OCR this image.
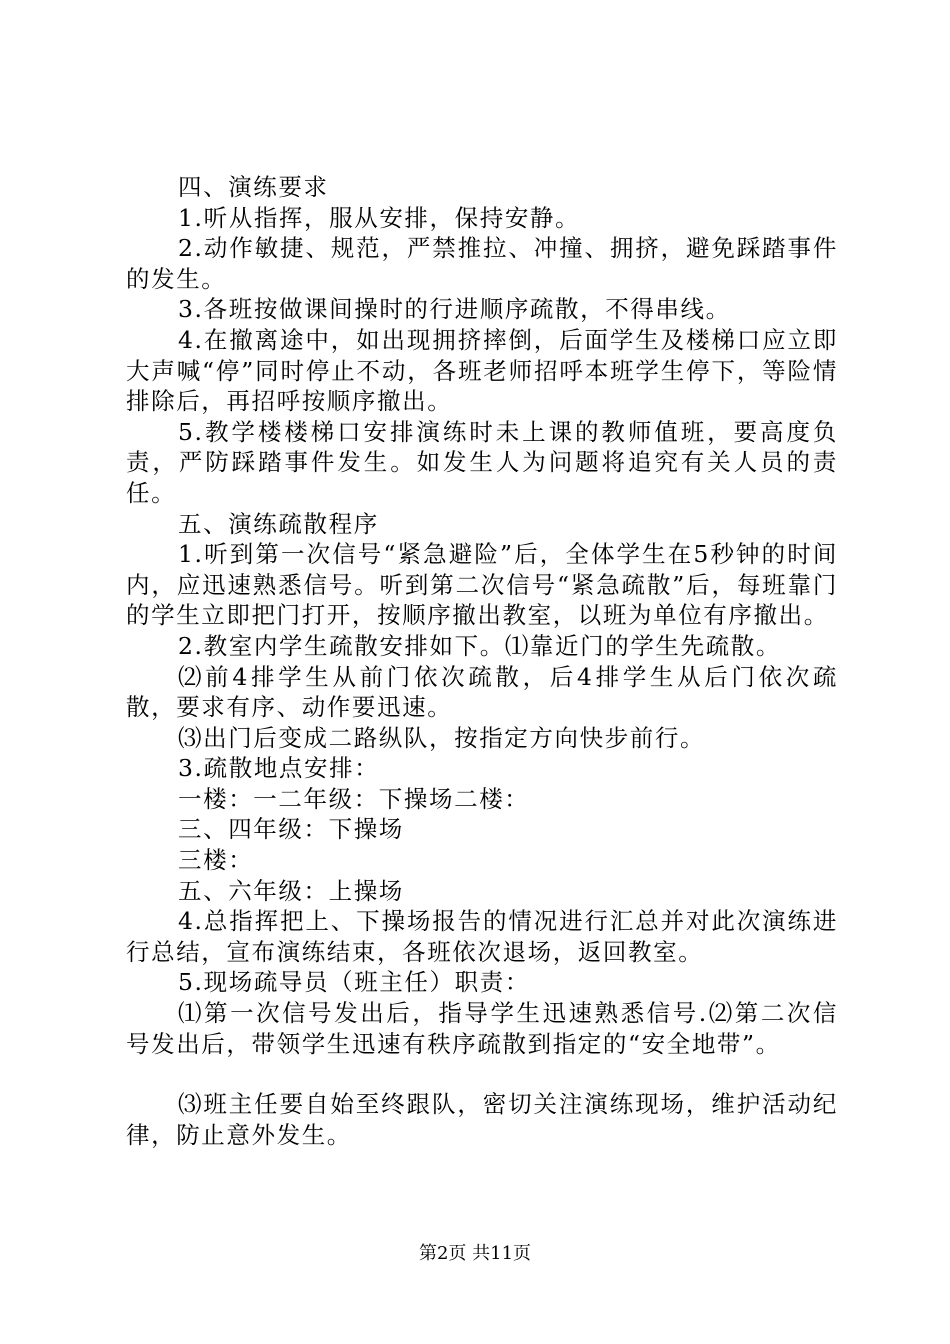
四、演练要求

1.听从指挥，服从安排，保持安静。

2.动作敏捷、规范，严禁推拉、冲撞、拥挤，避免踩踏事件的发生。

3.各班按做课间操时的行进顺序疏散，不得串线。

4.在撤离途中，如出现拥挤摔倒，后面学生及楼梯口应立即大声喊“停”同时停止不动，各班老师招呼本班学生停下，等险情排除后，再招呼按顺序撤出。

5.教学楼楼梯口安排演练时未上课的教师值班，要高度负责，严防踩踏事件发生。如发生人为问题将追究有关人员的责任。

五、演练疏散程序

1.听到第一次信号“紧急避险”后，全体学生在5秒钟的时间内，应迅速熟悉信号。听到第二次信号“紧急疏散”后，每班靠门的学生立即把门打开，按顺序撤出教室，以班为单位有序撤出。

2.教室内学生疏散安排如下。⑴靠近门的学生先疏散。

⑵前4排学生从前门依次疏散，后4排学生从后门依次疏散，要求有序、动作要迅速。

⑶出门后变成二路纵队，按指定方向快步前行。

3.疏散地点安排：

一楼：一二年级：下操场二楼：

三、四年级：下操场

三楼：

五、六年级：上操场

4.总指挥把上、下操场报告的情况进行汇总并对此次演练进行总结，宣布演练结束，各班依次退场，返回教室。

5.现场疏导员（班主任）职责：

⑴第一次信号发出后，指导学生迅速熟悉信号.⑵第二次信号发出后，带领学生迅速有秩序疏散到指定的“安全地带”。

⑶班主任要自始至终跟队，密切关注演练现场，维护活动纪律，防止意外发生。

第2页 共11页
